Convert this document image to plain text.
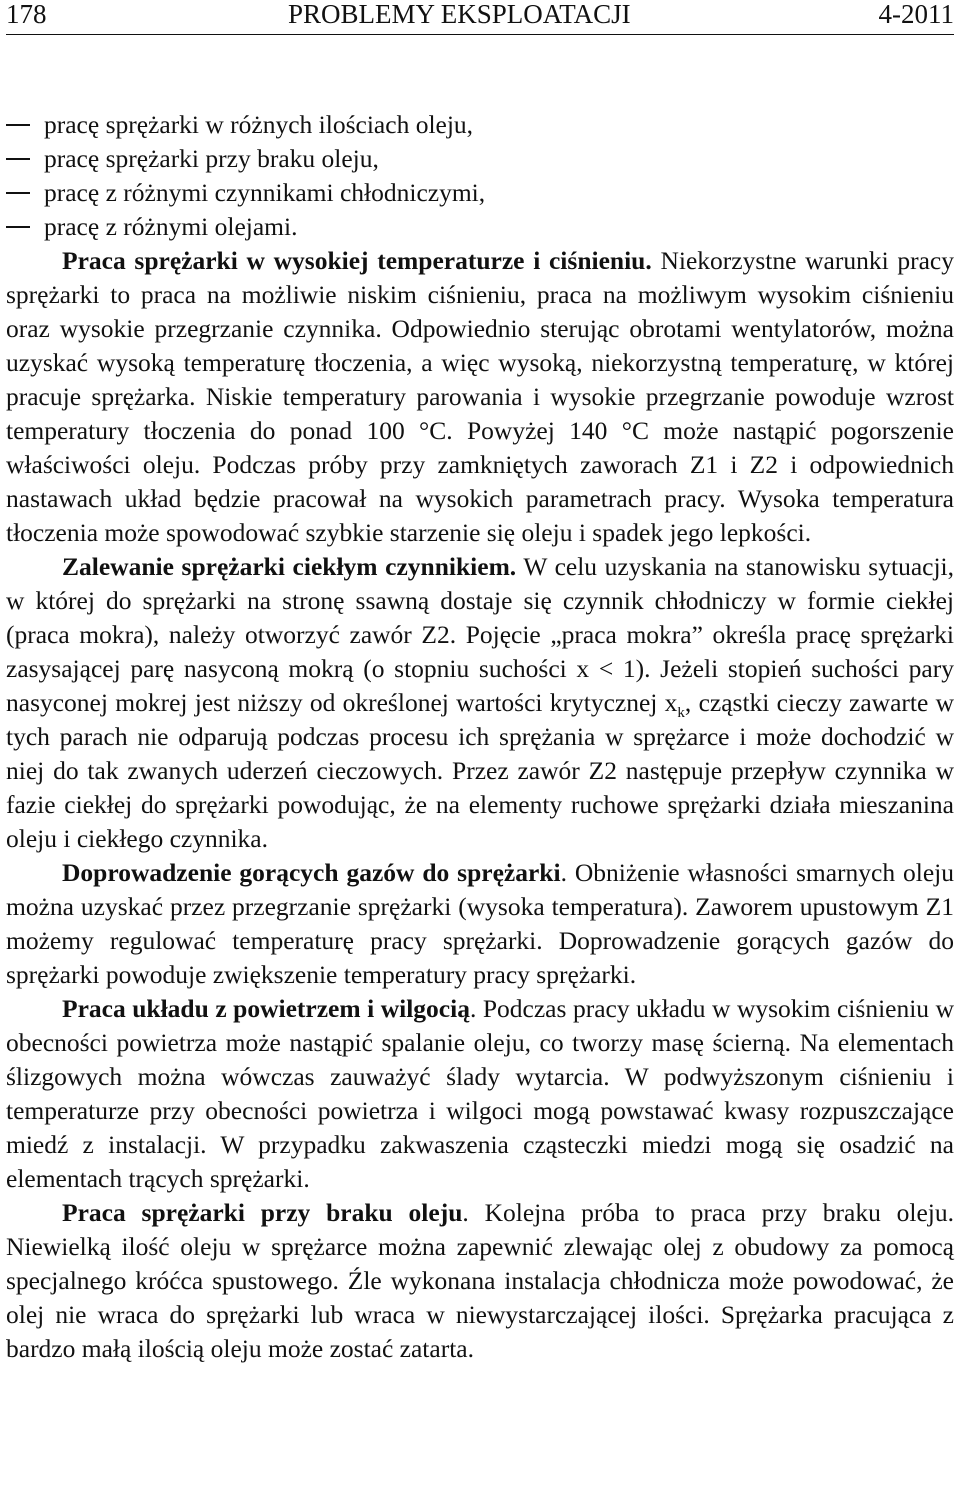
178	PROBLEMY EKSPLOATACJI	4-2011
pracę sprężarki w różnych ilościach oleju,
pracę sprężarki przy braku oleju,
pracę z różnymi czynnikami chłodniczymi,
pracę z różnymi olejami.

Praca sprężarki w wysokiej temperaturze i ciśnieniu. Niekorzystne warunki pracy sprężarki to praca na możliwie niskim ciśnieniu, praca na możliwym wysokim ciśnieniu oraz wysokie przegrzanie czynnika. Odpowiednio sterując obrotami wentylatorów, można uzyskać wysoką temperaturę tłoczenia, a więc wysoką, niekorzystną temperaturę, w której pracuje sprężarka. Niskie temperatury parowania i wysokie przegrzanie powoduje wzrost temperatury tłoczenia do ponad 100 °C. Powyżej 140 °C może nastąpić pogorszenie właściwości oleju. Podczas próby przy zamkniętych zaworach Z1 i Z2 i odpowiednich nastawach układ będzie pracował na wysokich parametrach pracy. Wysoka temperatura tłoczenia może spowodować szybkie starzenie się oleju i spadek jego lepkości.

Zalewanie sprężarki ciekłym czynnikiem. W celu uzyskania na stanowisku sytuacji, w której do sprężarki na stronę ssawną dostaje się czynnik chłodniczy w formie ciekłej (praca mokra), należy otworzyć zawór Z2. Pojęcie „praca mokra” określa pracę sprężarki zasysającej parę nasyconą mokrą (o stopniu suchości x < 1). Jeżeli stopień suchości pary nasyconej mokrej jest niższy od określonej wartości krytycznej $x_k$, cząstki cieczy zawarte w tych parach nie odparują podczas procesu ich sprężania w sprężarce i może dochodzić w niej do tak zwanych uderzeń cieczowych. Przez zawór Z2 następuje przepływ czynnika w fazie ciekłej do sprężarki powodując, że na elementy ruchowe sprężarki działa mieszanina oleju i ciekłego czynnika.

Doprowadzenie gorących gazów do sprężarki. Obniżenie własności smarnych oleju można uzyskać przez przegrzanie sprężarki (wysoka temperatura). Zaworem upustowym Z1 możemy regulować temperaturę pracy sprężarki. Doprowadzenie gorących gazów do sprężarki powoduje zwiększenie temperatury pracy sprężarki.

Praca układu z powietrzem i wilgocią. Podczas pracy układu w wysokim ciśnieniu w obecności powietrza może nastąpić spalanie oleju, co tworzy masę ścierną. Na elementach ślizgowych można wówczas zauważyć ślady wytarcia. W podwyższonym ciśnieniu i temperaturze przy obecności powietrza i wilgoci mogą powstawać kwasy rozpuszczające miedź z instalacji. W przypadku zakwaszenia cząsteczki miedzi mogą się osadzić na elementach trących sprężarki.

Praca sprężarki przy braku oleju. Kolejna próba to praca przy braku oleju. Niewielką ilość oleju w sprężarce można zapewnić zlewając olej z obudowy za pomocą specjalnego króćca spustowego. Źle wykonana instalacja chłodnicza może powodować, że olej nie wraca do sprężarki lub wraca w niewystarczającej ilości. Sprężarka pracująca z bardzo małą ilością oleju może zostać zatarta.
